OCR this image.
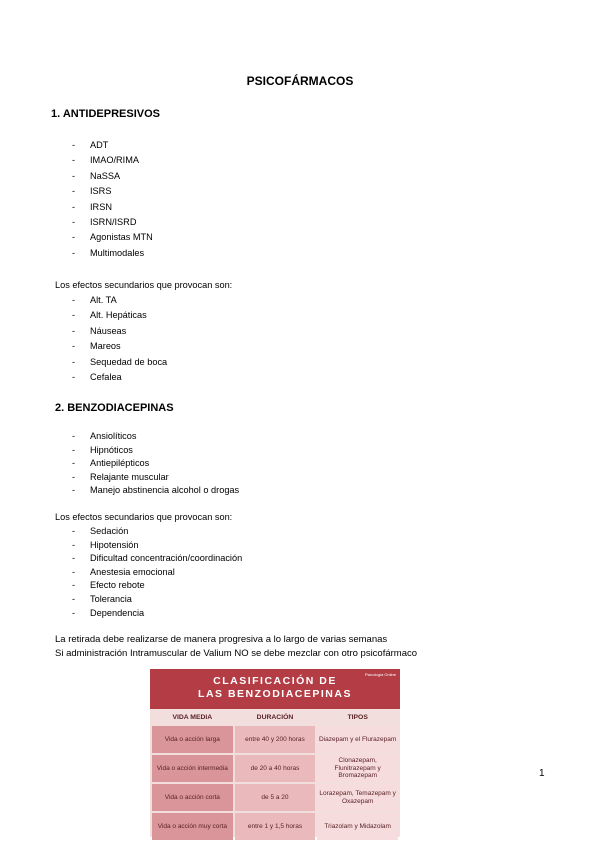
PSICOFÁRMACOS
1. ANTIDEPRESIVOS
-	ADT
-	IMAO/RIMA
-	NaSSA
-	ISRS
-	IRSN
-	ISRN/ISRD
-	Agonistas MTN
-	Multimodales
Los efectos secundarios que provocan son:
-	Alt. TA
-	Alt. Hepáticas
-	Náuseas
-	Mareos
-	Sequedad de boca
-	Cefalea
2. BENZODIACEPINAS
-	Ansiolíticos
-	Hipnóticos
-	Antiepilépticos
-	Relajante muscular
-	Manejo abstinencia alcohol o drogas
Los efectos secundarios que provocan son:
-	Sedación
-	Hipotensión
-	Dificultad concentración/coordinación
-	Anestesia emocional
-	Efecto rebote
-	Tolerancia
-	Dependencia
La retirada debe realizarse de manera progresiva a lo largo de varias semanas
Si administración Intramuscular de Valium NO se debe mezclar con otro psicofármaco
CLASIFICACIÓN DE
LAS BENZODIACEPINAS
Psicología Online
VIDA MEDIA	DURACIÓN	TIPOS
Vida o acción larga	entre 40 y 200 horas	Diazepam y el Flurazepam
Vida o acción intermedia	de 20 a 40 horas	Clonazepam, Flunitrazepam y Bromazepam
Vida o acción corta	de 5 a 20	Lorazepam, Temazepam y Oxazepam
Vida o acción muy corta	entre 1 y 1,5 horas	Triazolam y Midazolam
1
